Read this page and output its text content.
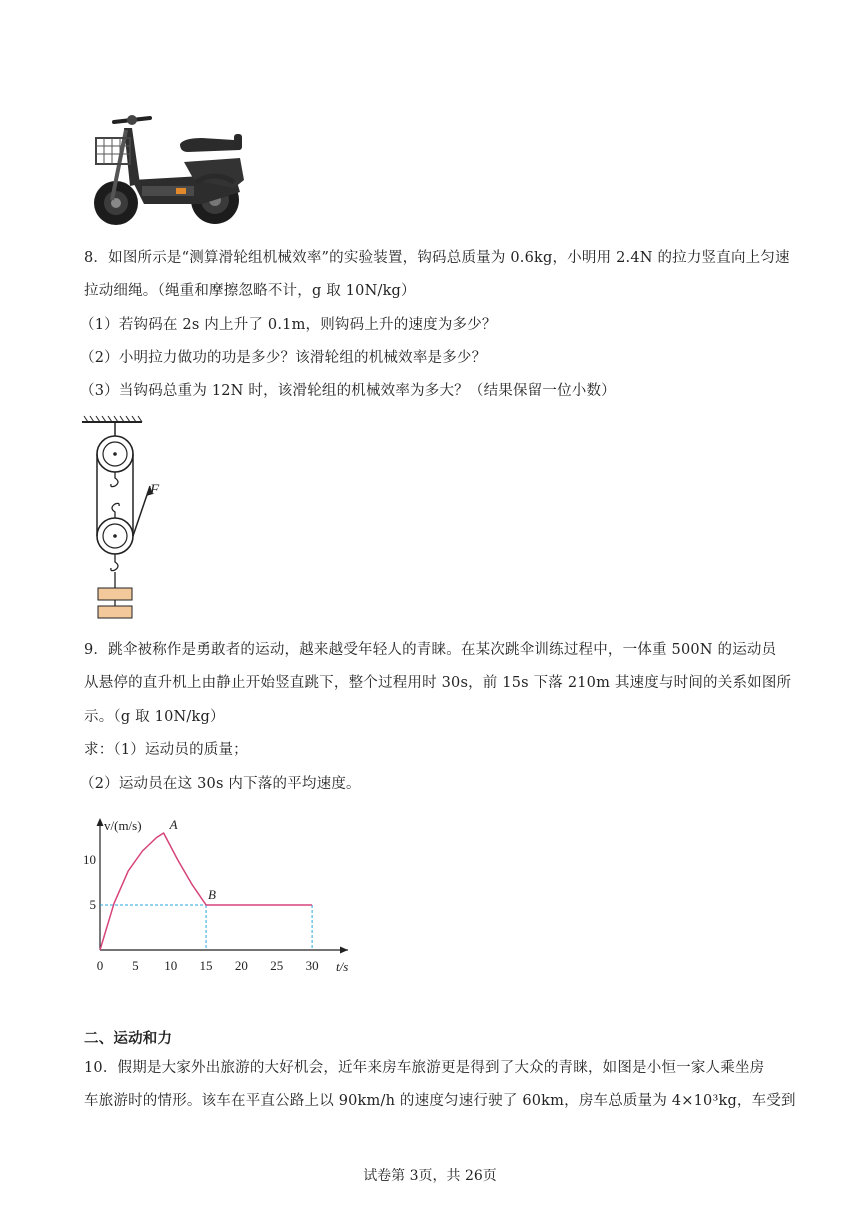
8．如图所示是“测算滑轮组机械效率”的实验装置，钩码总质量为 0.6kg，小明用 2.4N 的拉力竖直向上匀速
拉动细绳。（绳重和摩擦忽略不计，g 取 10N/kg）
（1）若钩码在 2s 内上升了 0.1m，则钩码上升的速度为多少？
（2）小明拉力做功的功是多少？该滑轮组的机械效率是多少？
（3）当钩码总重为 12N 时，该滑轮组的机械效率为多大？（结果保留一位小数）
F
9．跳伞被称作是勇敢者的运动，越来越受年轻人的青睐。在某次跳伞训练过程中，一体重 500N 的运动员
从悬停的直升机上由静止开始竖直跳下，整个过程用时 30s，前 15s 下落 210m 其速度与时间的关系如图所
示。（g 取 10N/kg）
求：（1）运动员的质量；
（2）运动员在这 30s 内下落的平均速度。
v/(m/s)
t/s
0 5 10 15 20 25 30
5
10
A
B
二、运动和力
10．假期是大家外出旅游的大好机会，近年来房车旅游更是得到了大众的青睐，如图是小恒一家人乘坐房
车旅游时的情形。该车在平直公路上以 90km/h 的速度匀速行驶了 60km，房车总质量为 4×10³kg，车受到
试卷第 3页，共 26页
